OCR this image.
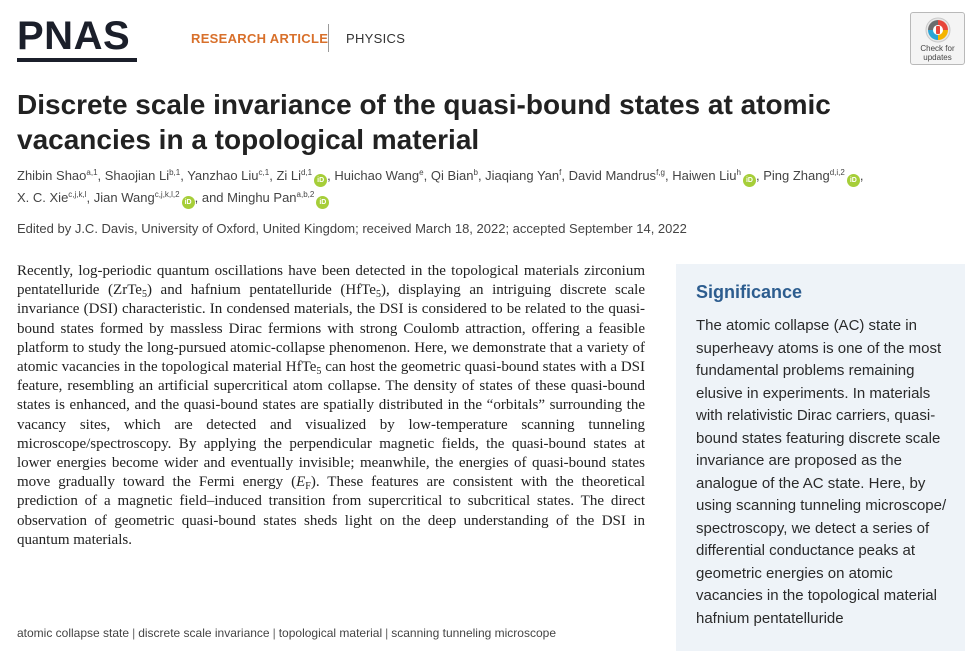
PNAS	RESEARCH ARTICLE PHYSICS
Check for updates
Discrete scale invariance of the quasi-bound states at atomic vacancies in a topological material
Zhibin Shao$^{a,1}$, Shaojian Li$^{b,1}$, Yanzhao Liu$^{c,1}$, Zi Li$^{d,1}$iD , Huichao Wang$^e$, Qi Bian$^b$, Jiaqiang Yan$^f$, David Mandrus$^{f,g}$, Haiwen Liu$^h$iD , Ping Zhang$^{d,i,2}$iD ,
X. C. Xie$^{c,j,k,l}$, Jian Wang$^{c,j,k,l,2}$iD , and Minghu Pan$^{a,b,2}$iD
Edited by J.C. Davis, University of Oxford, United Kingdom; received March 18, 2022; accepted September 14, 2022
Recently, log-periodic quantum oscillations have been detected in the topological materials zirconium pentatelluride (ZrTe$_5$) and hafnium pentatelluride (HfTe$_5$), displaying an intriguing discrete scale invariance (DSI) characteristic. In condensed materials, the DSI is considered to be related to the quasi-bound states formed by massless Dirac fermions with strong Coulomb attraction, offering a feasible platform to study the long-pursued atomic-collapse phenomenon. Here, we demonstrate that a variety of atomic vacancies in the topological material HfTe$_5$ can host the geometric quasi-bound states with a DSI feature, resembling an artificial supercritical atom collapse. The density of states of these quasi-bound states is enhanced, and the quasi-bound states are spatially distributed in the “orbitals” surrounding the vacancy sites, which are detected and visualized by low-temperature scanning tunneling microscope/spectroscopy. By applying the perpendicular magnetic fields, the quasi-bound states at lower energies become wider and eventually invisible; meanwhile, the energies of quasi-bound states move gradually toward the Fermi energy $(E_F)$. These features are consistent with the theoretical prediction of a magnetic field–induced transition from supercritical to subcritical states. The direct observation of geometric quasi-bound states sheds light on the deep understanding of the DSI in quantum materials.
atomic collapse state | discrete scale invariance | topological material | scanning tunneling microscope
Significance
The atomic collapse (AC) state in superheavy atoms is one of the most fundamental problems remaining elusive in experiments. In materials with relativistic Dirac carriers, quasi-bound states featuring discrete scale invariance are proposed as the analogue of the AC state. Here, by using scanning tunneling microscope/ spectroscopy, we detect a series of differential conductance peaks at geometric energies on atomic vacancies in the topological material hafnium pentatelluride
